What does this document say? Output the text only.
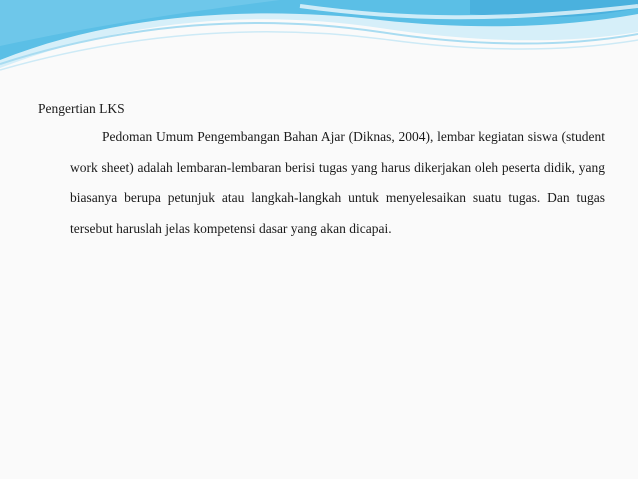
Pengertian LKS

Pedoman Umum Pengembangan Bahan Ajar (Diknas, 2004), lembar kegiatan siswa (student work sheet) adalah lembaran-lembaran berisi tugas yang harus dikerjakan oleh peserta didik, yang biasanya berupa petunjuk atau langkah-langkah untuk menyelesaikan suatu tugas. Dan tugas tersebut haruslah jelas kompetensi dasar yang akan dicapai.
